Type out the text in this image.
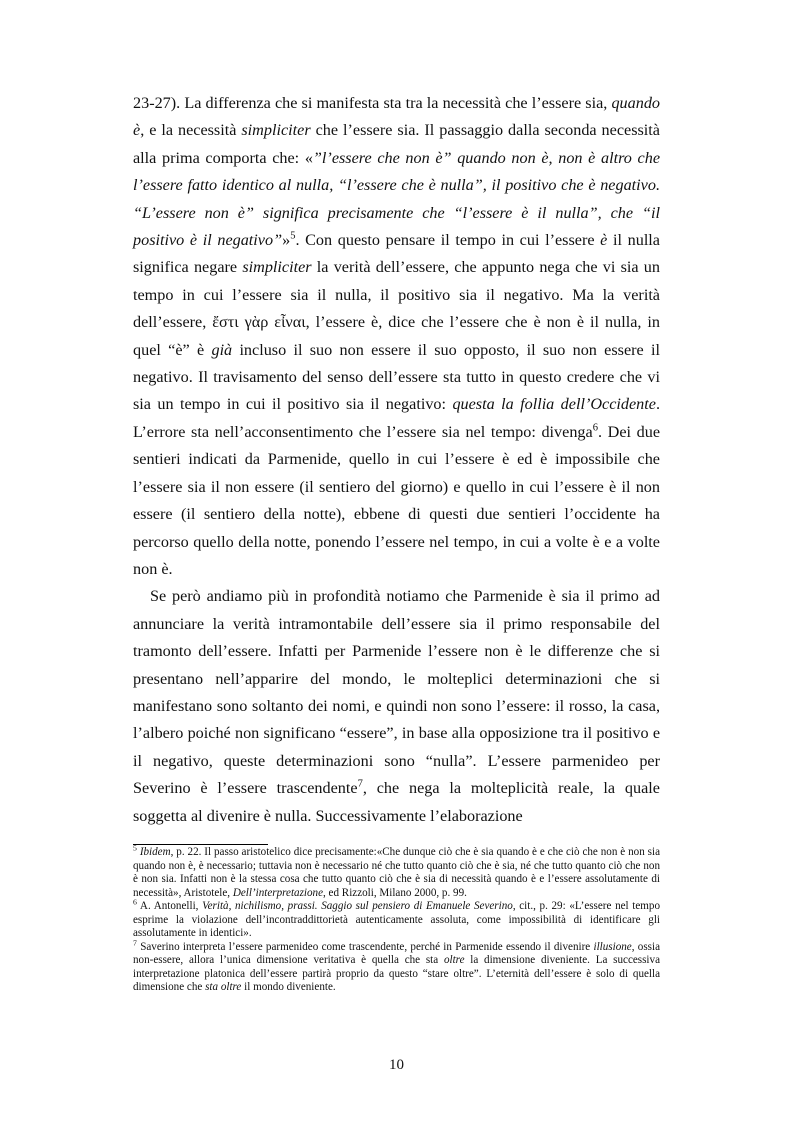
23-27). La differenza che si manifesta sta tra la necessità che l’essere sia, quando è, e la necessità simpliciter che l’essere sia. Il passaggio dalla seconda necessità alla prima comporta che: «”l’essere che non è” quando non è, non è altro che l’essere fatto identico al nulla, “l’essere che è nulla”, il positivo che è negativo. “L’essere non è” significa precisamente che “l’essere è il nulla”, che “il positivo è il negativo”»$^5$. Con questo pensare il tempo in cui l’essere è il nulla significa negare simpliciter la verità dell’essere, che appunto nega che vi sia un tempo in cui l’essere sia il nulla, il positivo sia il negativo. Ma la verità dell’essere, ἔστι γὰρ εἶναι, l’essere è, dice che l’essere che è non è il nulla, in quel “è” è già incluso il suo non essere il suo opposto, il suo non essere il negativo. Il travisamento del senso dell’essere sta tutto in questo credere che vi sia un tempo in cui il positivo sia il negativo: questa la follia dell’Occidente. L’errore sta nell’acconsentimento che l’essere sia nel tempo: divenga$^6$. Dei due sentieri indicati da Parmenide, quello in cui l’essere è ed è impossibile che l’essere sia il non essere (il sentiero del giorno) e quello in cui l’essere è il non essere (il sentiero della notte), ebbene di questi due sentieri l’occidente ha percorso quello della notte, ponendo l’essere nel tempo, in cui a volte è e a volte non è.

Se però andiamo più in profondità notiamo che Parmenide è sia il primo ad annunciare la verità intramontabile dell’essere sia il primo responsabile del tramonto dell’essere. Infatti per Parmenide l’essere non è le differenze che si presentano nell’apparire del mondo, le molteplici determinazioni che si manifestano sono soltanto dei nomi, e quindi non sono l’essere: il rosso, la casa, l’albero poiché non significano “essere”, in base alla opposizione tra il positivo e il negativo, queste determinazioni sono “nulla”. L’essere parmenideo per Severino è l’essere trascendente$^7$, che nega la molteplicità reale, la quale soggetta al divenire è nulla. Successivamente l’elaborazione

$^5$ Ibidem, p. 22. Il passo aristotelico dice precisamente:«Che dunque ciò che è sia quando è e che ciò che non è non sia quando non è, è necessario; tuttavia non è necessario né che tutto quanto ciò che è sia, né che tutto quanto ciò che non è non sia. Infatti non è la stessa cosa che tutto quanto ciò che è sia di necessità quando è e l’essere assolutamente di necessità», Aristotele, Dell’interpretazione, ed Rizzoli, Milano 2000, p. 99.

$^6$ A. Antonelli, Verità, nichilismo, prassi. Saggio sul pensiero di Emanuele Severino, cit., p. 29: «L’essere nel tempo esprime la violazione dell’incontraddittorietà autenticamente assoluta, come impossibilità di identificare gli assolutamente in identici».

$^7$ Saverino interpreta l’essere parmenideo come trascendente, perché in Parmenide essendo il divenire illusione, ossia non-essere, allora l’unica dimensione veritativa è quella che sta oltre la dimensione diveniente. La successiva interpretazione platonica dell’essere partirà proprio da questo “stare oltre”. L’eternità dell’essere è solo di quella dimensione che sta oltre il mondo diveniente.

10
